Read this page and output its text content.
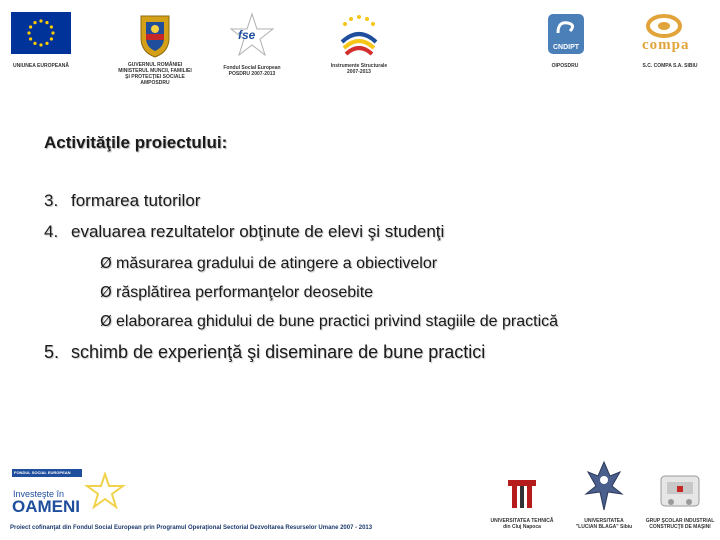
UNIUNEA EUROPEANĂ	GUVERNUL ROMÂNIEI
MINISTERUL MUNCII, FAMILIEI
ŞI PROTECŢIEI SOCIALE
AMPOSDRU
fse
Fondul Social European
POSDRU 2007-2013
Instrumente Structurale
2007-2013
CNDIPT
OIPOSDRU
compa
S.C. COMPA S.A. SIBIU
Activităţile proiectului:
3. formarea tutorilor
4. evaluarea rezultatelor obţinute de elevi şi studenţi
Ø măsurarea gradului de atingere a obiectivelor
Ø răsplătirea performanţelor deosebite
Ø elaborarea ghidului de bune practici privind stagiile de practică
5. schimb de experienţă şi diseminare de bune practici
FONDUL SOCIAL EUROPEAN
Investeşte în
OAMENI
Proiect cofinanţat din Fondul Social European prin Programul Operaţional Sectorial Dezvoltarea Resurselor Umane 2007 - 2013
UNIVERSITATEA TEHNICĂ
din Cluj Napoca
UNIVERSITATEA
"LUCIAN BLAGA" Sibiu
GRUP ŞCOLAR INDUSTRIAL
CONSTRUCŢII DE MAŞINI
